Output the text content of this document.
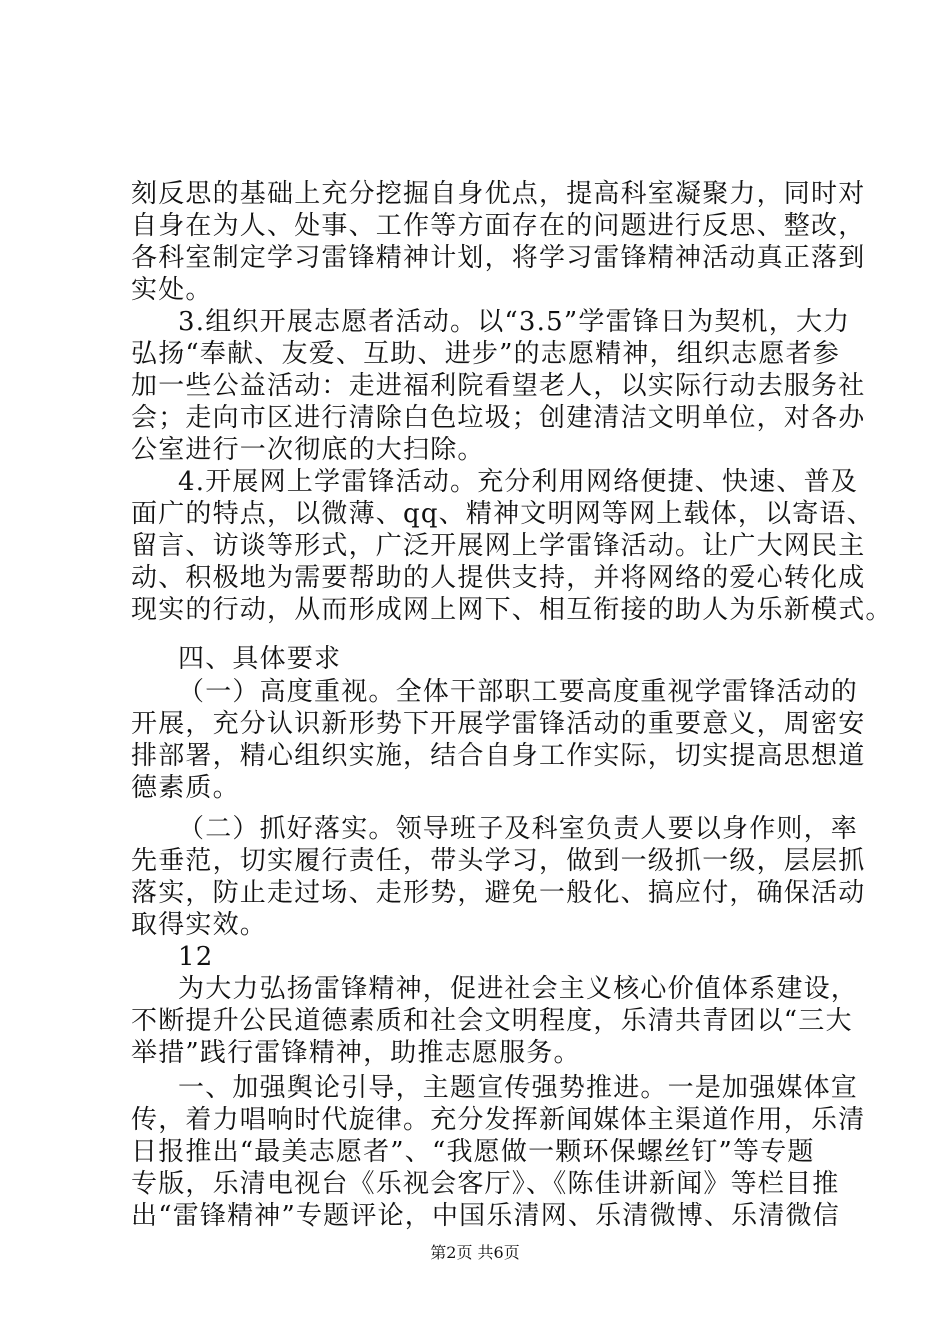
刻反思的基础上充分挖掘自身优点，提高科室凝聚力，同时对
自身在为人、处事、工作等方面存在的问题进行反思、整改，
各科室制定学习雷锋精神计划，将学习雷锋精神活动真正落到
实处。
3.组织开展志愿者活动。以“3.5”学雷锋日为契机，大力
弘扬“奉献、友爱、互助、进步”的志愿精神，组织志愿者参
加一些公益活动：走进福利院看望老人，以实际行动去服务社
会；走向市区进行清除白色垃圾；创建清洁文明单位，对各办
公室进行一次彻底的大扫除。
4.开展网上学雷锋活动。充分利用网络便捷、快速、普及
面广的特点，以微薄、qq、精神文明网等网上载体，以寄语、
留言、访谈等形式，广泛开展网上学雷锋活动。让广大网民主
动、积极地为需要帮助的人提供支持，并将网络的爱心转化成
现实的行动，从而形成网上网下、相互衔接的助人为乐新模式。
四、具体要求
（一）高度重视。全体干部职工要高度重视学雷锋活动的
开展，充分认识新形势下开展学雷锋活动的重要意义，周密安
排部署，精心组织实施，结合自身工作实际，切实提高思想道
德素质。
（二）抓好落实。领导班子及科室负责人要以身作则，率
先垂范，切实履行责任，带头学习，做到一级抓一级，层层抓
落实，防止走过场、走形势，避免一般化、搞应付，确保活动
取得实效。
12
为大力弘扬雷锋精神，促进社会主义核心价值体系建设，
不断提升公民道德素质和社会文明程度，乐清共青团以“三大
举措”践行雷锋精神，助推志愿服务。
一、加强舆论引导，主题宣传强势推进。一是加强媒体宣
传，着力唱响时代旋律。充分发挥新闻媒体主渠道作用，乐清
日报推出“最美志愿者”、“我愿做一颗环保螺丝钉”等专题
专版，乐清电视台《乐视会客厅》、《陈佳讲新闻》等栏目推
出“雷锋精神”专题评论，中国乐清网、乐清微博、乐清微信
第2页 共6页
